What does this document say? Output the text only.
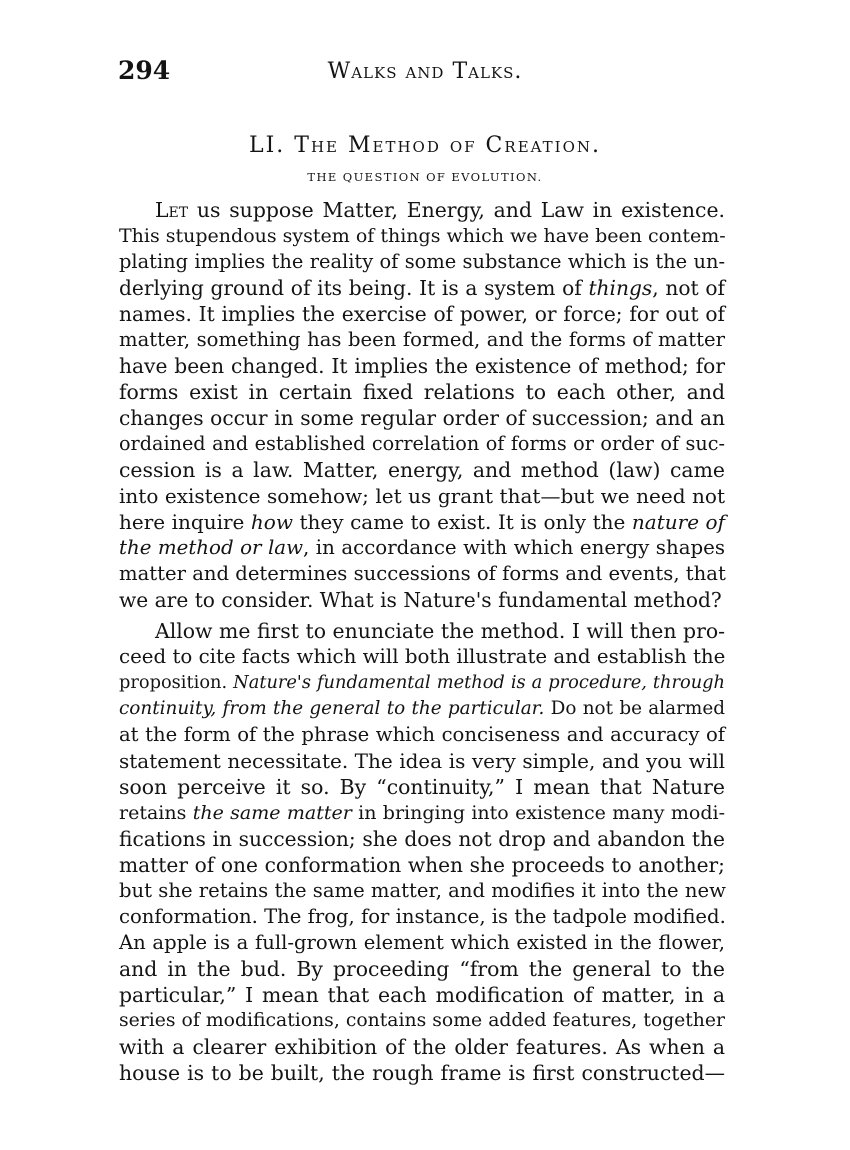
294	Walks and Talks.

LI. The Method of Creation.

THE QUESTION OF EVOLUTION.

Let us suppose Matter, Energy, and Law in existence.

This stupendous system of things which we have been contem-

plating implies the reality of some substance which is the un-

derlying ground of its being. It is a system of things, not of

names. It implies the exercise of power, or force; for out of

matter, something has been formed, and the forms of matter

have been changed. It implies the existence of method; for

forms exist in certain fixed relations to each other, and

changes occur in some regular order of succession; and an

ordained and established correlation of forms or order of suc-

cession is a law. Matter, energy, and method (law) came

into existence somehow; let us grant that—but we need not

here inquire how they came to exist. It is only the nature of

the method or law, in accordance with which energy shapes

matter and determines successions of forms and events, that

we are to consider. What is Nature's fundamental method?

Allow me first to enunciate the method. I will then pro-

ceed to cite facts which will both illustrate and establish the

proposition. Nature's fundamental method is a procedure, through

continuity, from the general to the particular. Do not be alarmed

at the form of the phrase which conciseness and accuracy of

statement necessitate. The idea is very simple, and you will

soon perceive it so. By “continuity,” I mean that Nature

retains the same matter in bringing into existence many modi-

fications in succession; she does not drop and abandon the

matter of one conformation when she proceeds to another;

but she retains the same matter, and modifies it into the new

conformation. The frog, for instance, is the tadpole modified.

An apple is a full-grown element which existed in the flower,

and in the bud. By proceeding “from the general to the

particular,” I mean that each modification of matter, in a

series of modifications, contains some added features, together

with a clearer exhibition of the older features. As when a

house is to be built, the rough frame is first constructed—
